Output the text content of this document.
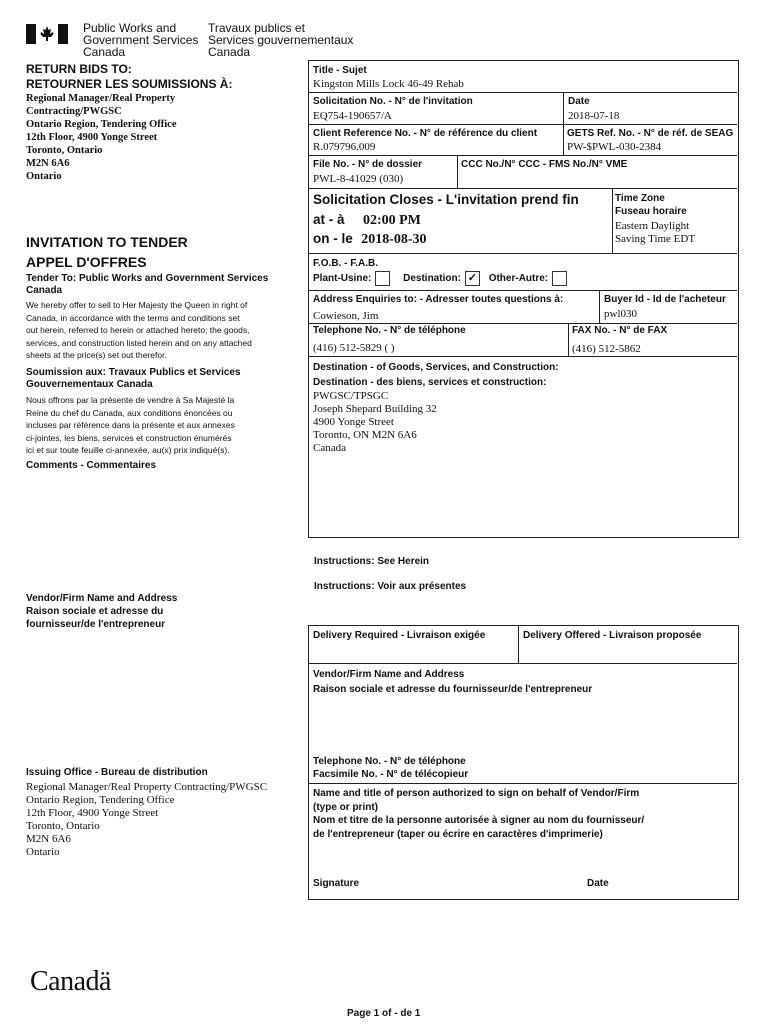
Public Works and
Government Services
Canada
Travaux publics et
Services gouvernementaux
Canada
RETURN BIDS TO:
RETOURNER LES SOUMISSIONS À:
Regional Manager/Real Property
Contracting/PWGSC
Ontario Region, Tendering Office
12th Floor, 4900 Yonge Street
Toronto, Ontario
M2N 6A6
Ontario
INVITATION TO TENDER
APPEL D'OFFRES
Tender To: Public Works and Government Services Canada
We hereby offer to sell to Her Majesty the Queen in right of
Canada, in accordance with the terms and conditions set
out herein, referred to herein or attached hereto, the goods,
services, and construction listed herein and on any attached
sheets at the price(s) set out therefor.
Soumission aux: Travaux Publics et Services Gouvernementaux Canada
Nous offrons par la présente de vendre à Sa Majesté la
Reine du chef du Canada, aux conditions énoncées ou
incluses par référence dans la présente et aux annexes
ci-jointes, les biens, services et construction énumérés
ici et sur toute feuille ci-annexée, au(x) prix indiqué(s).
Comments - Commentaires
Vendor/Firm Name and Address
Raison sociale et adresse du
fournisseur/de l'entrepreneur
Issuing Office - Bureau de distribution
Regional Manager/Real Property Contracting/PWGSC
Ontario Region, Tendering Office
12th Floor, 4900 Yonge Street
Toronto, Ontario
M2N 6A6
Ontario
Title - Sujet
Kingston Mills Lock 46-49 Rehab
Solicitation No. - N° de l'invitation
EQ754-190657/A
Date
2018-07-18
Client Reference No. - N° de référence du client
R.079796.009
GETS Ref. No. - N° de réf. de SEAG
PW-$PWL-030-2384
File No. - N° de dossier
PWL-8-41029 (030)
CCC No./N° CCC - FMS No./N° VME
Solicitation Closes - L'invitation prend fin
at - à 02:00 PM
on - le 2018-08-30
Time Zone
Fuseau horaire
Eastern Daylight
Saving Time EDT
F.O.B. - F.A.B.
Plant-Usine:	Destination: ✓ Other-Autre:
Address Enquiries to: - Adresser toutes questions à:
Cowieson, Jim
Buyer Id - Id de l'acheteur
pwl030
Telephone No. - N° de téléphone
(416) 512-5829 ( )
FAX No. - N° de FAX
(416) 512-5862
Destination - of Goods, Services, and Construction:
Destination - des biens, services et construction:
PWGSC/TPSGC
Joseph Shepard Building 32
4900 Yonge Street
Toronto, ON M2N 6A6
Canada
Instructions: See Herein
Instructions: Voir aux présentes
Delivery Required - Livraison exigée	Delivery Offered - Livraison proposée
Vendor/Firm Name and Address
Raison sociale et adresse du fournisseur/de l'entrepreneur
Telephone No. - N° de téléphone
Facsimile No. - N° de télécopieur
Name and title of person authorized to sign on behalf of Vendor/Firm
(type or print)
Nom et titre de la personne autorisée à signer au nom du fournisseur/
de l'entrepreneur (taper ou écrire en caractères d'imprimerie)
Signature	Date
Canadä
Page 1 of - de 1
